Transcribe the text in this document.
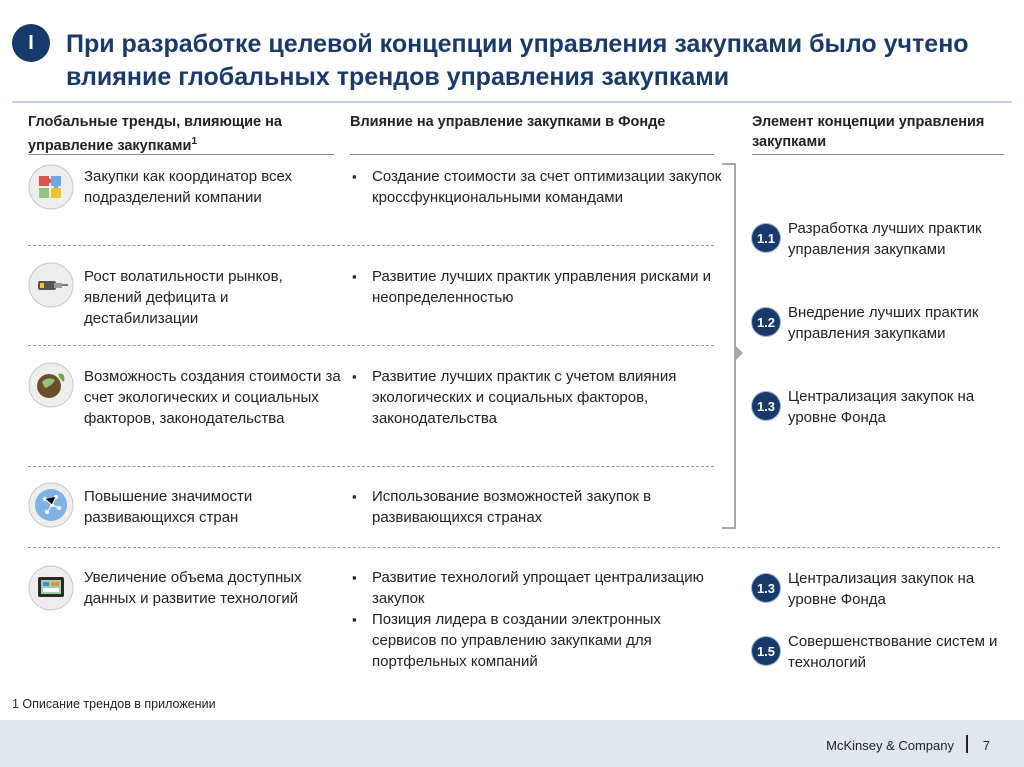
I	При разработке целевой концепции управления закупками было учтено влияние глобальных трендов управления закупками
Глобальные тренды, влияющие на управление закупками$^1$
Влияние на управление закупками в Фонде	Элемент концепции управления закупками
Закупки как координатор всех подразделений компании
▪ Создание стоимости за счет оптимизации закупок кроссфункциональными командами
Рост волатильности рынков, явлений дефицита и дестабилизации
▪ Развитие лучших практик управления рисками и неопределенностью
Возможность создания стоимости за счет экологических и социальных факторов, законодательства
▪ Развитие лучших практик с учетом влияния экологических и социальных факторов, законодательства
Повышение значимости развивающихся стран
▪ Использование возможностей закупок в развивающихся странах
Увеличение объема доступных данных и развитие технологий
▪ Развитие технологий упрощает централизацию закупок
▪ Позиция лидера в создании электронных сервисов по управлению закупками для портфельных компаний
1.1
Разработка лучших практик управления закупками
1.2
Внедрение лучших практик управления закупками
1.3
Централизация закупок на уровне Фонда
1.3
Централизация закупок на уровне Фонда
1.5
Совершенствование систем и технологий
1 Описание трендов в приложении
McKinsey & Company 7
